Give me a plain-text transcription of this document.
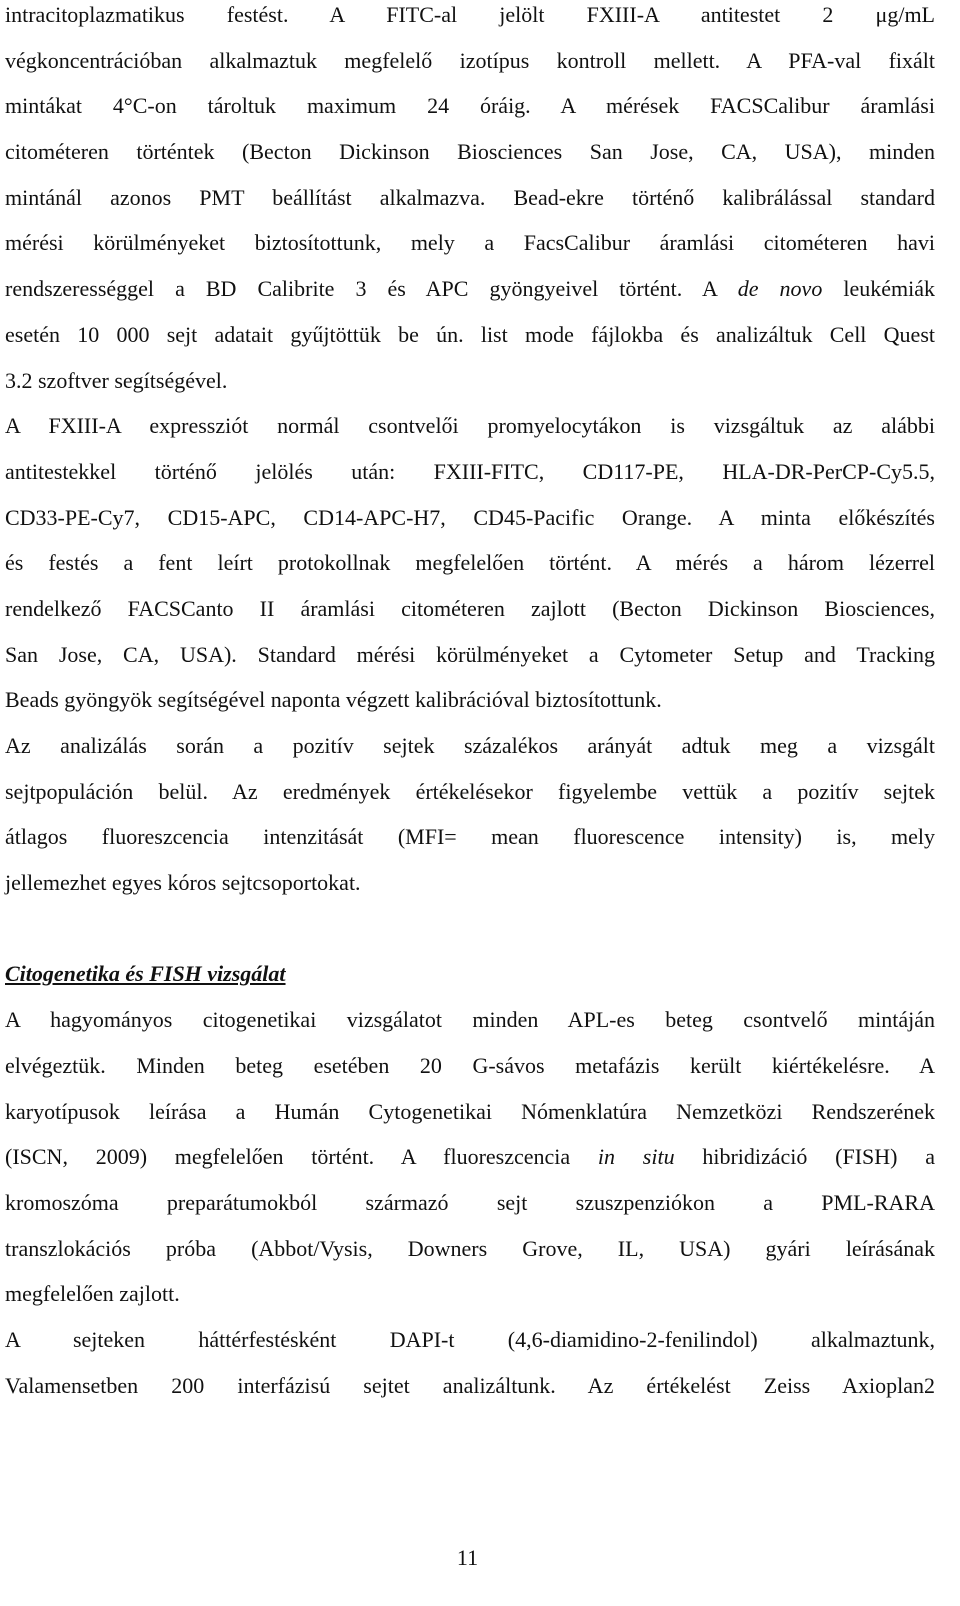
intracitoplazmatikus festést. A FITC-al jelölt FXIII-A antitestet 2 μg/mL
végkoncentrációban alkalmaztuk megfelelő izotípus kontroll mellett. A PFA-val fixált
mintákat 4°C-on tároltuk maximum 24 óráig. A mérések FACSCalibur áramlási
citométeren történtek (Becton Dickinson Biosciences San Jose, CA, USA), minden
mintánál azonos PMT beállítást alkalmazva. Bead-ekre történő kalibrálással standard
mérési körülményeket biztosítottunk, mely a FacsCalibur áramlási citométeren havi
rendszerességgel a BD Calibrite 3 és APC gyöngyeivel történt. A de novo leukémiák
esetén 10 000 sejt adatait gyűjtöttük be ún. list mode fájlokba és analizáltuk Cell Quest
3.2 szoftver segítségével.
A FXIII-A expressziót normál csontvelői promyelocytákon is vizsgáltuk az alábbi
antitestekkel történő jelölés után: FXIII-FITC, CD117-PE, HLA-DR-PerCP-Cy5.5,
CD33-PE-Cy7, CD15-APC, CD14-APC-H7, CD45-Pacific Orange. A minta előkészítés
és festés a fent leírt protokollnak megfelelően történt. A mérés a három lézerrel
rendelkező FACSCanto II áramlási citométeren zajlott (Becton Dickinson Biosciences,
San Jose, CA, USA). Standard mérési körülményeket a Cytometer Setup and Tracking
Beads gyöngyök segítségével naponta végzett kalibrációval biztosítottunk.
Az analizálás során a pozitív sejtek százalékos arányát adtuk meg a vizsgált
sejtpopuláción belül. Az eredmények értékelésekor figyelembe vettük a pozitív sejtek
átlagos fluoreszcencia intenzitását (MFI= mean fluorescence intensity) is, mely
jellemezhet egyes kóros sejtcsoportokat.
Citogenetika és FISH vizsgálat
A hagyományos citogenetikai vizsgálatot minden APL-es beteg csontvelő mintáján
elvégeztük. Minden beteg esetében 20 G-sávos metafázis került kiértékelésre. A
karyotípusok leírása a Humán Cytogenetikai Nómenklatúra Nemzetközi Rendszerének
(ISCN, 2009) megfelelően történt. A fluoreszcencia in situ hibridizáció (FISH) a
kromoszóma preparátumokból származó sejt szuszpenziókon a PML-RARA
transzlokációs próba (Abbot/Vysis, Downers Grove, IL, USA) gyári leírásának
megfelelően zajlott.
A sejteken háttérfestésként DAPI-t (4,6-diamidino-2-fenilindol) alkalmaztunk,
Valamensetben 200 interfázisú sejtet analizáltunk. Az értékelést Zeiss Axioplan2
11
